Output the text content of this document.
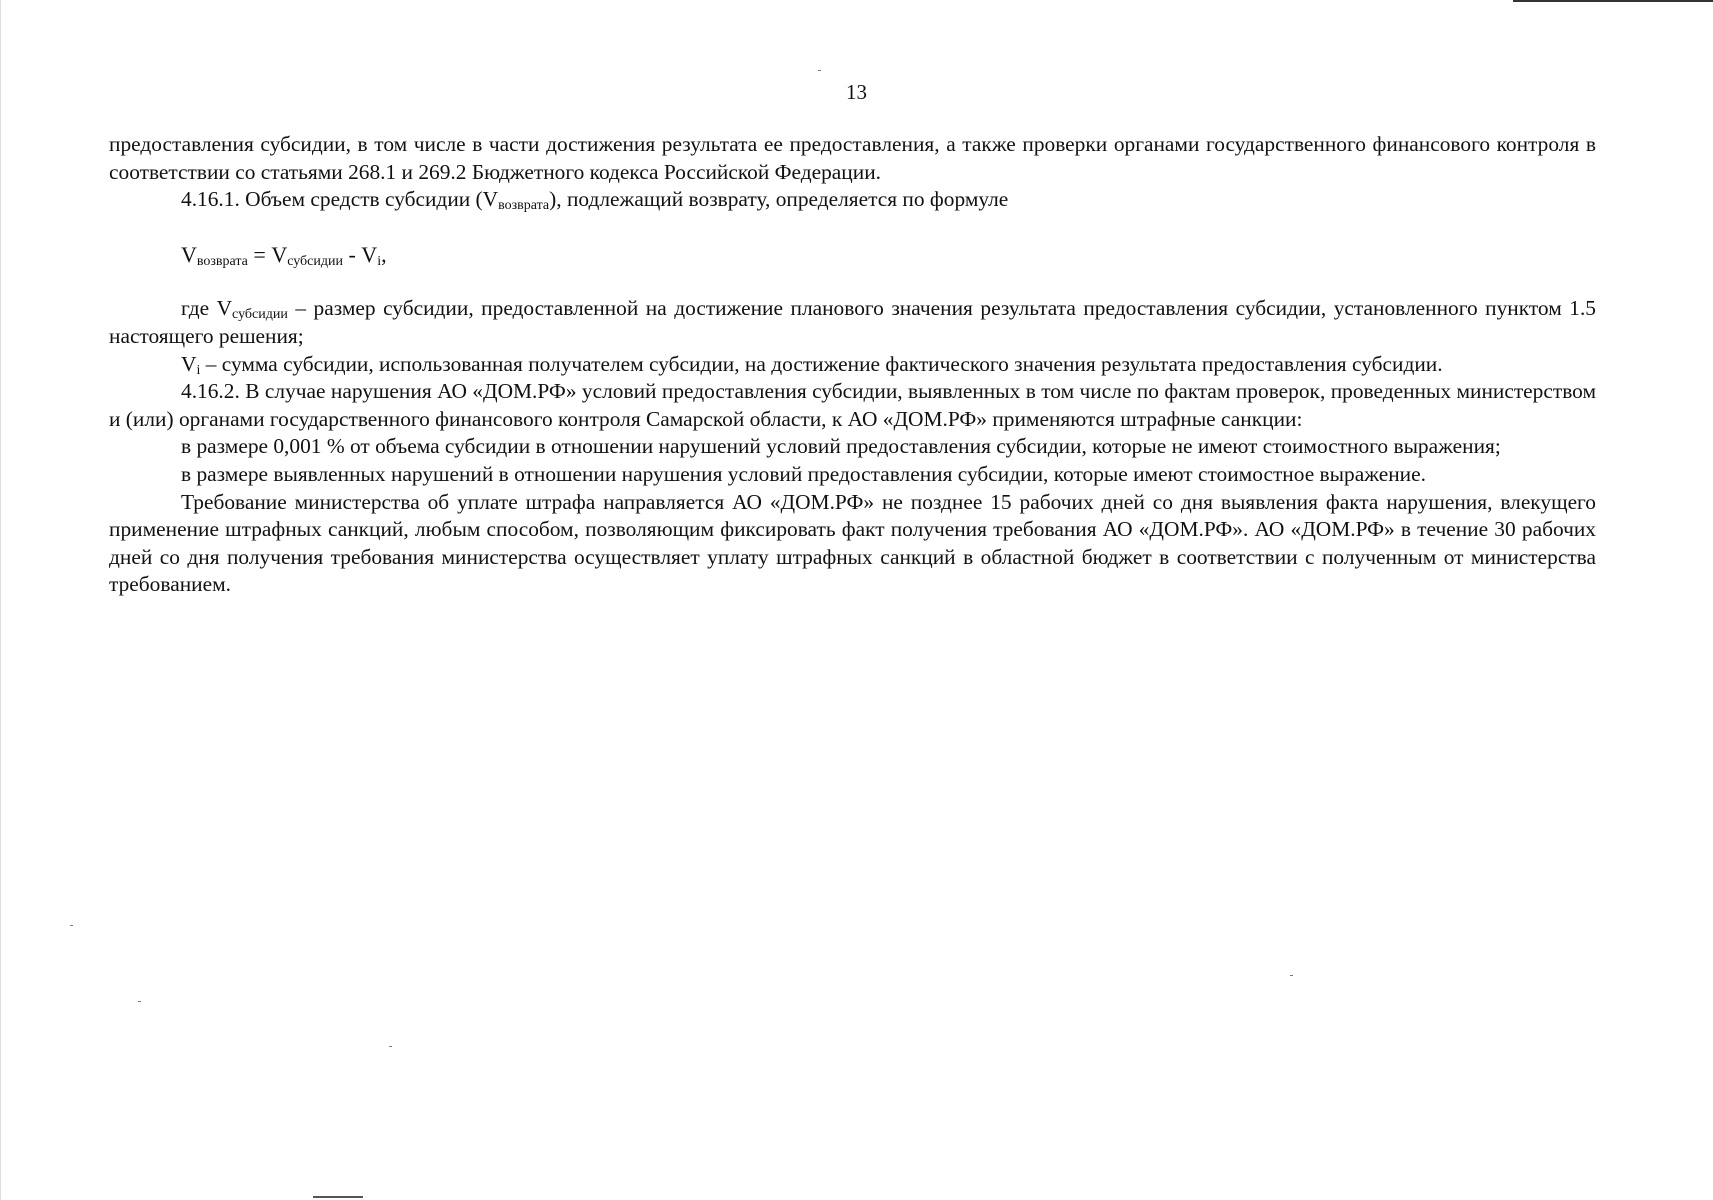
13

предоставления субсидии, в том числе в части достижения результата ее предоставления, а также проверки органами государственного финансового контроля в соответствии со статьями 268.1 и 269.2 Бюджетного кодекса Российской Федерации.

4.16.1. Объем средств субсидии $(V_{возврата})$, подлежащий возврату, определяется по формуле

$V_{возврата} = V_{субсидии} - V_i$,

где $V_{субсидии}$ – размер субсидии, предоставленной на достижение планового значения результата предоставления субсидии, установленного пунктом 1.5 настоящего решения;

$V_i$ – сумма субсидии, использованная получателем субсидии, на достижение фактического значения результата предоставления субсидии.

4.16.2. В случае нарушения АО «ДОМ.РФ» условий предоставления субсидии, выявленных в том числе по фактам проверок, проведенных министерством и (или) органами государственного финансового контроля Самарской области, к АО «ДОМ.РФ» применяются штрафные санкции:

в размере 0,001 % от объема субсидии в отношении нарушений условий предоставления субсидии, которые не имеют стоимостного выражения;

в размере выявленных нарушений в отношении нарушения условий предоставления субсидии, которые имеют стоимостное выражение.

Требование министерства об уплате штрафа направляется АО «ДОМ.РФ» не позднее 15 рабочих дней со дня выявления факта нарушения, влекущего применение штрафных санкций, любым способом, позволяющим фиксировать факт получения требования АО «ДОМ.РФ». АО «ДОМ.РФ» в течение 30 рабочих дней со дня получения требования министерства осуществляет уплату штрафных санкций в областной бюджет в соответствии с полученным от министерства требованием.
